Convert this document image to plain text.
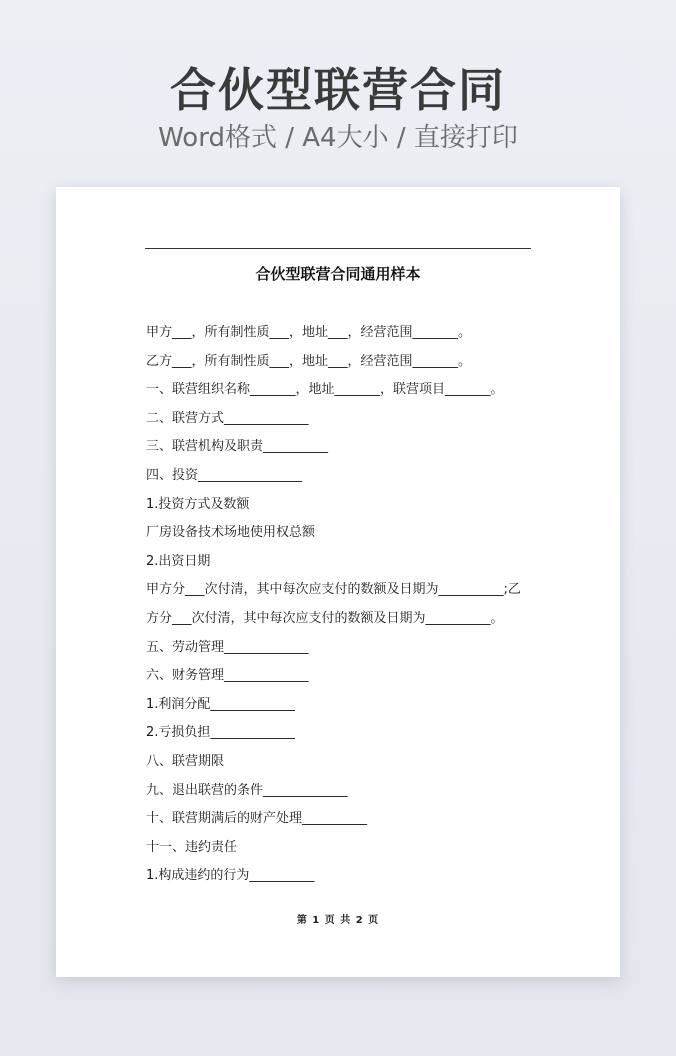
合伙型联营合同
Word格式 / A4大小 / 直接打印
合伙型联营合同通用样本
甲方___，所有制性质___，地址___，经营范围_______。
乙方___，所有制性质___，地址___，经营范围_______。
一、联营组织名称_______，地址_______，联营项目_______。
二、联营方式_____________
三、联营机构及职责__________
四、投资________________
1.投资方式及数额
厂房设备技术场地使用权总额
2.出资日期
甲方分___次付清，其中每次应支付的数额及日期为__________;乙
方分___次付清，其中每次应支付的数额及日期为__________。
五、劳动管理_____________
六、财务管理_____________
1.利润分配_____________
2.亏损负担_____________
八、联营期限
九、退出联营的条件_____________
十、联营期满后的财产处理__________
十一、违约责任
1.构成违约的行为__________
第 1 页 共 2 页
